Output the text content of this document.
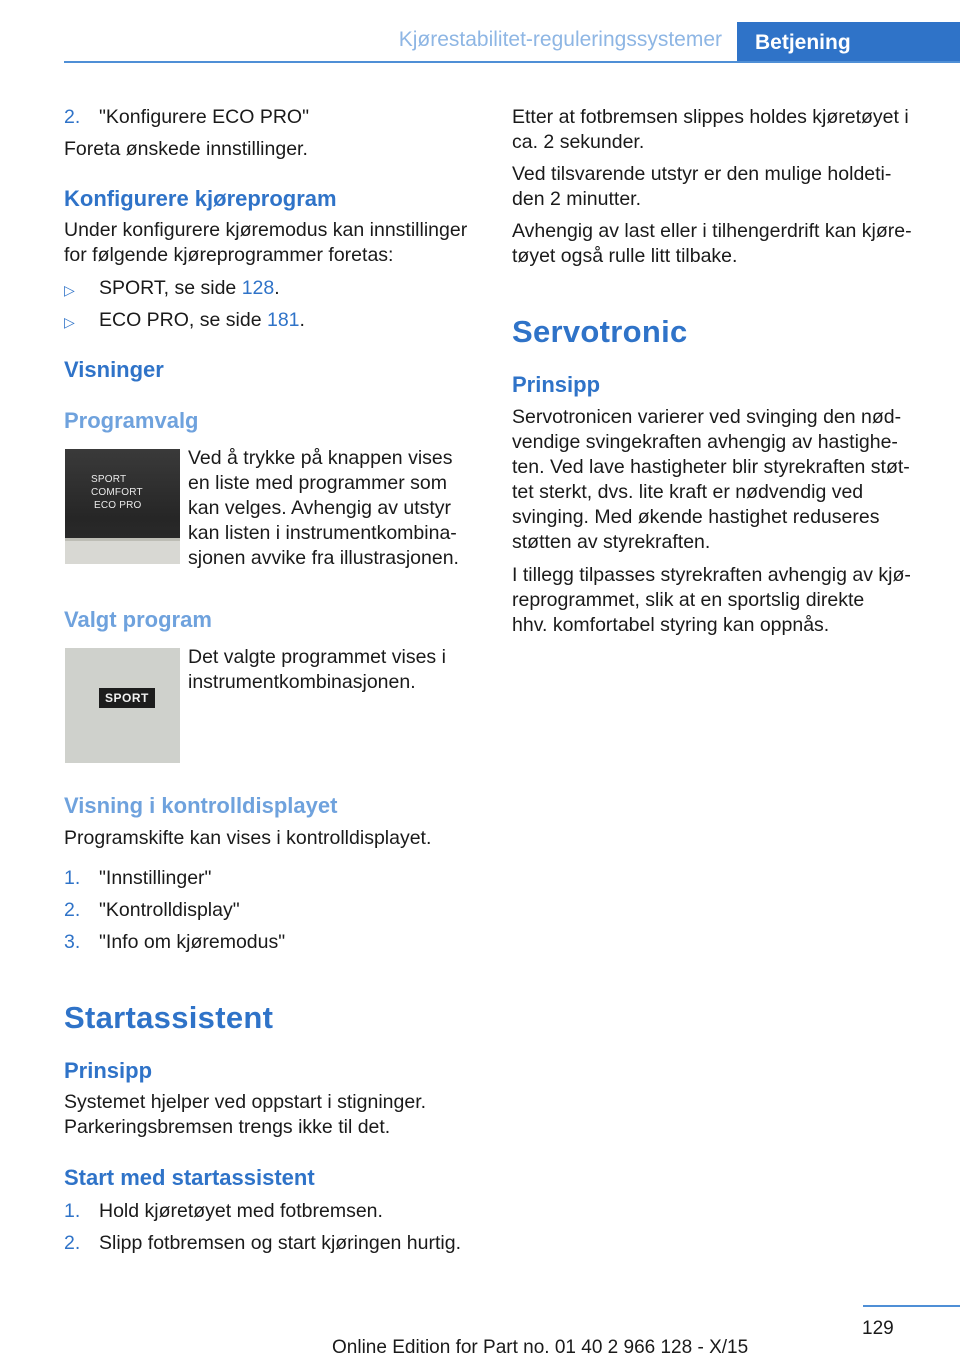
Kjørestabilitet-reguleringssystemer	Betjening
2. "Konfigurere ECO PRO"

Foreta ønskede innstillinger.

Konfigurere kjøreprogram

Under konfigurere kjøremodus kan innstillinger

for følgende kjøreprogrammer foretas:

▷ SPORT, se side 128.
▷ ECO PRO, se side 181.
Visninger
Programvalg
SPORT
COMFORT
ECO PRO

Ved å trykke på knappen vises

en liste med programmer som

kan velges. Avhengig av utstyr

kan listen i instrumentkombina‐

sjonen avvike fra illustrasjonen.

Valgt program
SPORT

Det valgte programmet vises i

instrumentkombinasjonen.

Visning i kontrolldisplayet

Programskifte kan vises i kontrolldisplayet.

1. "Innstillinger"
2. "Kontrolldisplay"
3. "Info om kjøremodus"
Startassistent
Prinsipp

Systemet hjelper ved oppstart i stigninger.

Parkeringsbremsen trengs ikke til det.

Start med startassistent
1. Hold kjøretøyet med fotbremsen.
2. Slipp fotbremsen og start kjøringen hurtig.

Etter at fotbremsen slippes holdes kjøretøyet i

ca. 2 sekunder.

Ved tilsvarende utstyr er den mulige holdeti‐

den 2 minutter.

Avhengig av last eller i tilhengerdrift kan kjøre‐

tøyet også rulle litt tilbake.

Servotronic
Prinsipp

Servotronicen varierer ved svinging den nød‐

vendige svingekraften avhengig av hastighe‐

ten. Ved lave hastigheter blir styrekraften støt‐

tet sterkt, dvs. lite kraft er nødvendig ved

svinging. Med økende hastighet reduseres

støtten av styrekraften.

I tillegg tilpasses styrekraften avhengig av kjø‐

reprogrammet, slik at en sportslig direkte

hhv. komfortabel styring kan oppnås.

129
Online Edition for Part no. 01 40 2 966 128 - X/15
